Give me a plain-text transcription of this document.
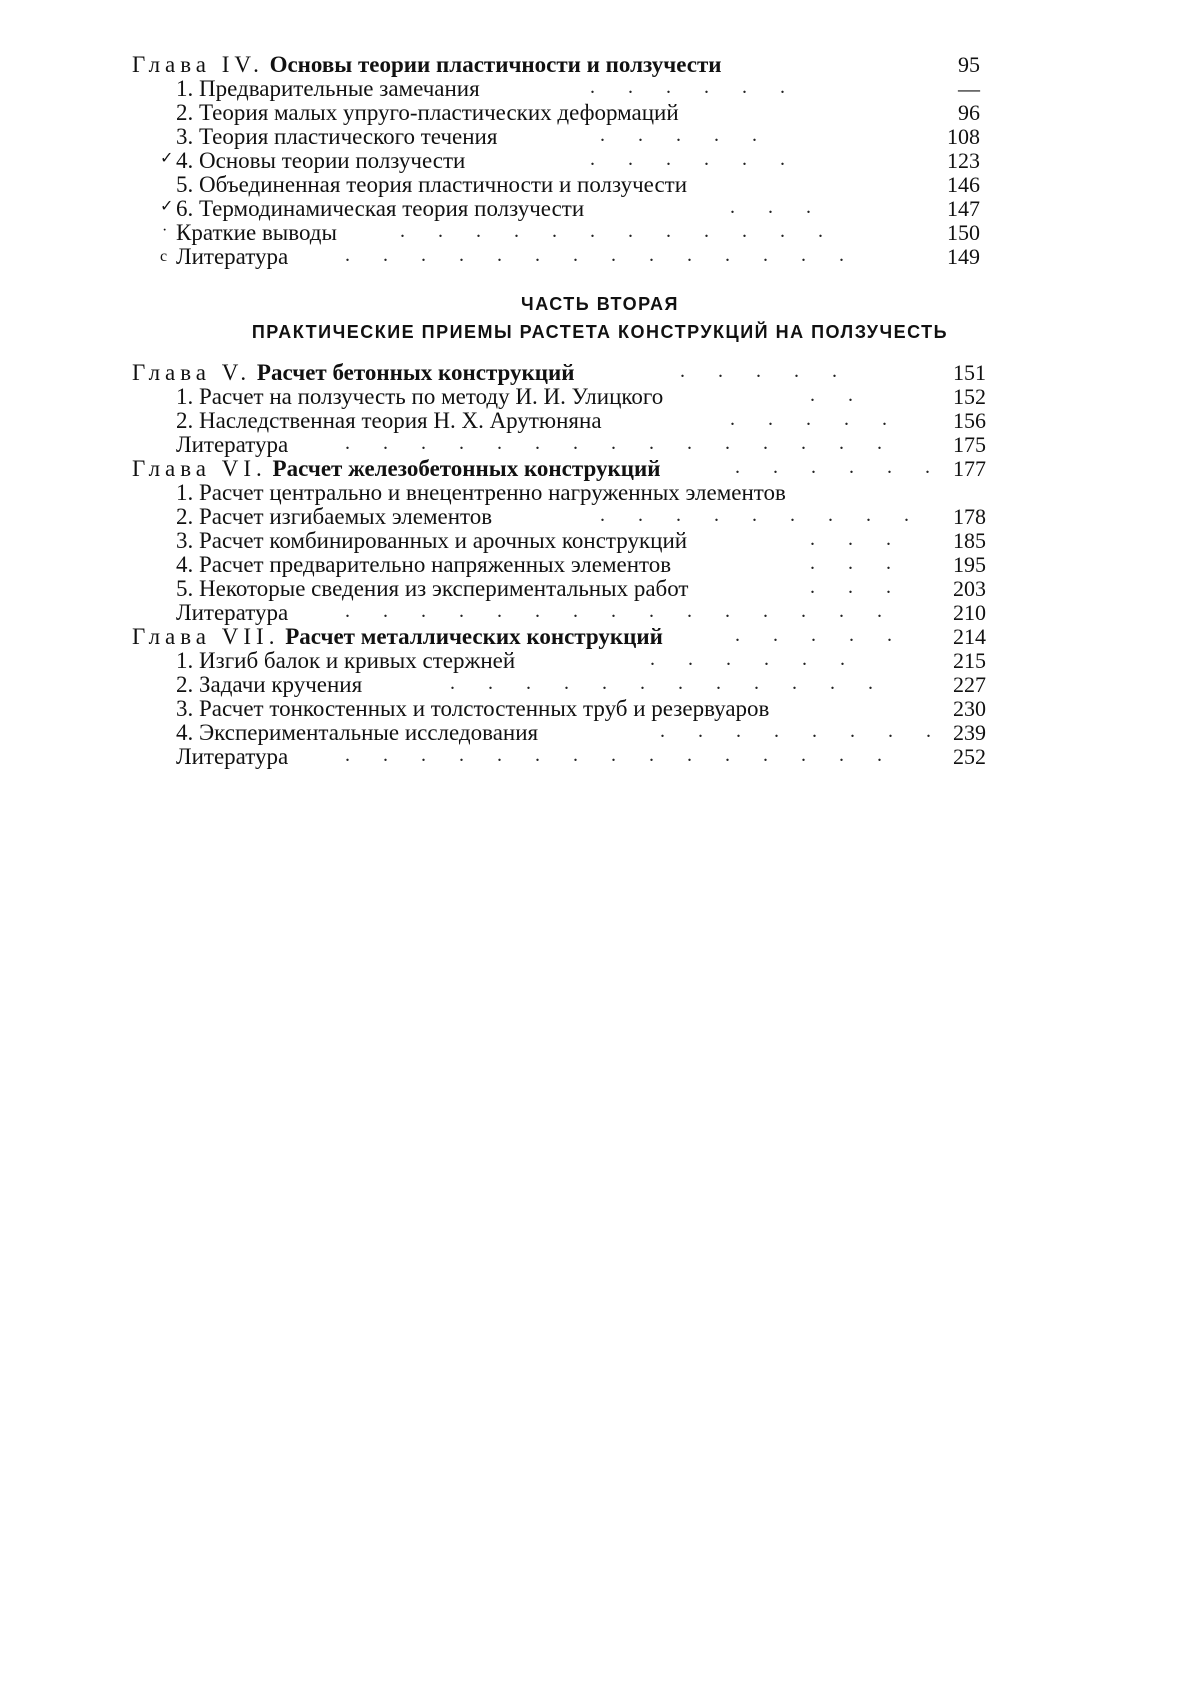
Глава IV. Основы теории пластичности и ползучести	95
1. Предварительные замечания	. . . . . .	—
2. Теория малых упруго-пластических деформаций	96
3. Теория пластического течения	. . . . .	108
✓ 4. Основы теории ползучести	. . . . . .	123
5. Объединенная теория пластичности и ползучести	146
✓ 6. Термодинамическая теория ползучести	. . .	147
· Краткие выводы	. . . . . . . . . . . .	150
с Литература	. . . . . . . . . . . . . .	149
ЧАСТЬ ВТОРАЯ
ПРАКТИЧЕСКИЕ ПРИЕМЫ РАСТЕТА КОНСТРУКЦИЙ НА ПОЛЗУЧЕСТЬ
Глава V. Расчет бетонных конструкций	. . . . .	151
1. Расчет на ползучесть по методу И. И. Улицкого	. .	152
2. Наследственная теория Н. Х. Арутюняна	. . . . .	156
Литература	. . . . . . . . . . . . . . .	175
Глава VI. Расчет железобетонных конструкций	. . . . . . 177
1. Расчет центрально и внецентренно нагруженных элементов
2. Расчет изгибаемых элементов	. . . . . . . . .	178
3. Расчет комбинированных и арочных конструкций	. . .	185
4. Расчет предварительно напряженных элементов	. . .	195
5. Некоторые сведения из экспериментальных работ	. . .	203
Литература	. . . . . . . . . . . . . . .	210
Глава VII. Расчет металлических конструкций	. . . . .	214
1. Изгиб балок и кривых стержней	. . . . . .	215
2. Задачи кручения	. . . . . . . . . . . .	227
3. Расчет тонкостенных и толстостенных труб и резервуаров	230
4. Экспериментальные исследования	. . . . . . . . 239
Литература	. . . . . . . . . . . . . . .	252
